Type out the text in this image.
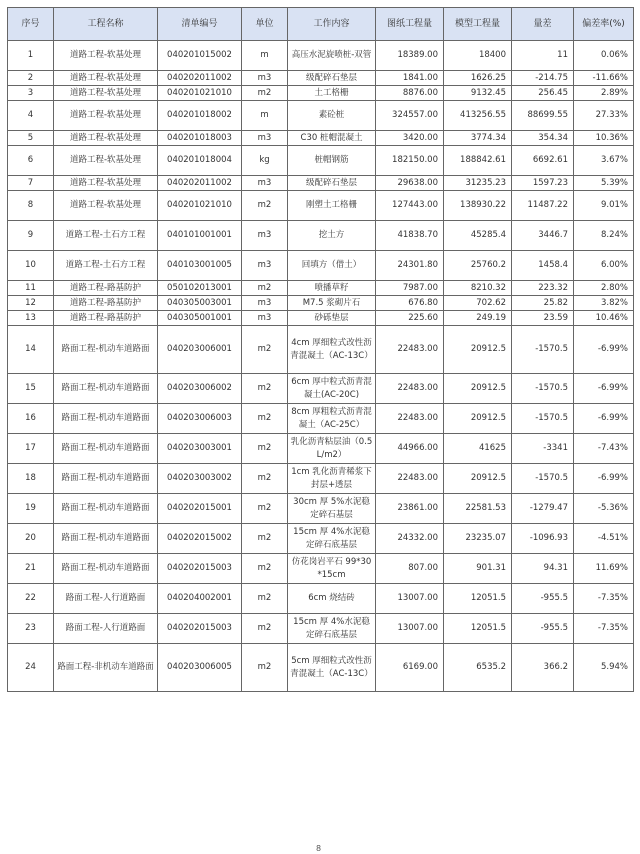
序号	工程名称	清单编号	单位	工作内容	图纸工程量	模型工程量	量差	偏差率(%)
1	道路工程-软基处理	040201015002	m	高压水泥旋喷桩-双管	18389.00	18400	11	0.06%
2	道路工程-软基处理	040202011002	m3	级配碎石垫层	1841.00	1626.25	-214.75	-11.66%
3	道路工程-软基处理	040201021010	m2	土工格栅	8876.00	9132.45	256.45	2.89%
4	道路工程-软基处理	040201018002	m	素砼桩	324557.00	413256.55	88699.55	27.33%
5	道路工程-软基处理	040201018003	m3	C30 桩帽混凝土	3420.00	3774.34	354.34	10.36%
6	道路工程-软基处理	040201018004	kg	桩帽钢筋	182150.00	188842.61	6692.61	3.67%
7	道路工程-软基处理	040202011002	m3	级配碎石垫层	29638.00	31235.23	1597.23	5.39%
8	道路工程-软基处理	040201021010	m2	刚塑土工格栅	127443.00	138930.22	11487.22	9.01%
9	道路工程-土石方工程	040101001001	m3	挖土方	41838.70	45285.4	3446.7	8.24%
10	道路工程-土石方工程	040103001005	m3	回填方（借土）	24301.80	25760.2	1458.4	6.00%
11	道路工程-路基防护	050102013001	m2	喷播草籽	7987.00	8210.32	223.32	2.80%
12	道路工程-路基防护	040305003001	m3	M7.5 浆砌片石	676.80	702.62	25.82	3.82%
13	道路工程-路基防护	040305001001	m3	砂砾垫层	225.60	249.19	23.59	10.46%
14	路面工程-机动车道路面	040203006001	m2	4cm 厚细粒式改性沥青混凝土（AC-13C）	22483.00	20912.5	-1570.5	-6.99%
15	路面工程-机动车道路面	040203006002	m2	6cm 厚中粒式沥青混凝土(AC-20C)	22483.00	20912.5	-1570.5	-6.99%
16	路面工程-机动车道路面	040203006003	m2	8cm 厚粗粒式沥青混凝土（AC-25C）	22483.00	20912.5	-1570.5	-6.99%
17	路面工程-机动车道路面	040203003001	m2	乳化沥青粘层油（0.5L/m2）	44966.00	41625	-3341	-7.43%
18	路面工程-机动车道路面	040203003002	m2	1cm 乳化沥青稀浆下封层+透层	22483.00	20912.5	-1570.5	-6.99%
19	路面工程-机动车道路面	040202015001	m2	30cm 厚 5%水泥稳定碎石基层	23861.00	22581.53	-1279.47	-5.36%
20	路面工程-机动车道路面	040202015002	m2	15cm 厚 4%水泥稳定碎石底基层	24332.00	23235.07	-1096.93	-4.51%
21	路面工程-机动车道路面	040202015003	m2	仿花岗岩平石 99*30*15cm	807.00	901.31	94.31	11.69%
22	路面工程-人行道路面	040204002001	m2	6cm 烧结砖	13007.00	12051.5	-955.5	-7.35%
23	路面工程-人行道路面	040202015003	m2	15cm 厚 4%水泥稳定碎石底基层	13007.00	12051.5	-955.5	-7.35%
24	路面工程-非机动车道路面	040203006005	m2	5cm 厚细粒式改性沥青混凝土（AC-13C）	6169.00	6535.2	366.2	5.94%
8
